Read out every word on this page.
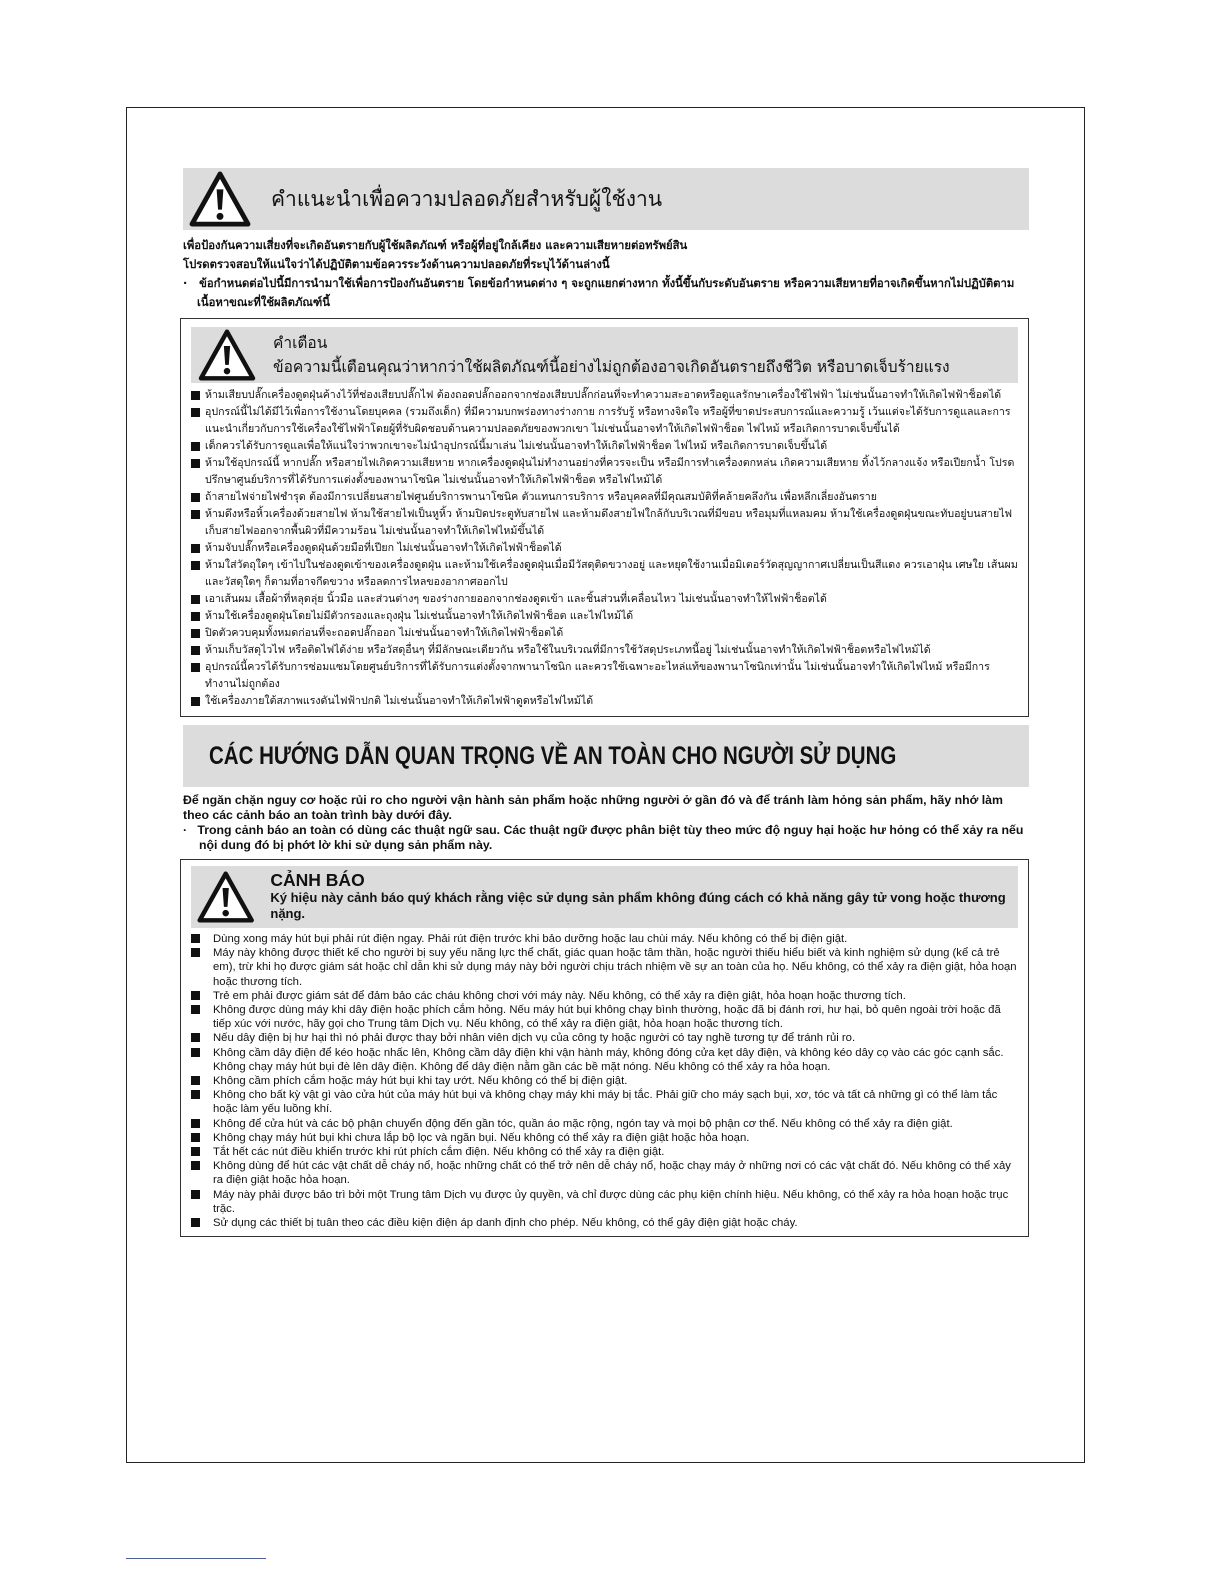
คำแนะนำเพื่อความปลอดภัยสำหรับผู้ใช้งาน
เพื่อป้องกันความเสี่ยงที่จะเกิดอันตรายกับผู้ใช้ผลิตภัณฑ์ หรือผู้ที่อยู่ใกล้เคียง และความเสียหายต่อทรัพย์สิน
โปรดตรวจสอบให้แน่ใจว่าได้ปฏิบัติตามข้อควรระวังด้านความปลอดภัยที่ระบุไว้ด้านล่างนี้
·   ข้อกำหนดต่อไปนี้มีการนำมาใช้เพื่อการป้องกันอันตราย โดยข้อกำหนดต่าง ๆ จะถูกแยกต่างหาก ทั้งนี้ขึ้นกับระดับอันตราย หรือความเสียหายที่อาจเกิดขึ้นหากไม่ปฏิบัติตามเนื้อหาขณะที่ใช้ผลิตภัณฑ์นี้
คำเตือน
ข้อความนี้เตือนคุณว่าหากว่าใช้ผลิตภัณฑ์นี้อย่างไม่ถูกต้องอาจเกิดอันตรายถึงชีวิต หรือบาดเจ็บร้ายแรง
ห้ามเสียบปลั๊กเครื่องดูดฝุ่นค้างไว้ที่ช่องเสียบปลั๊กไฟ ต้องถอดปลั๊กออกจากช่องเสียบปลั๊กก่อนที่จะทำความสะอาดหรือดูแลรักษาเครื่องใช้ไฟฟ้า ไม่เช่นนั้นอาจทำให้เกิดไฟฟ้าช็อตได้
อุปกรณ์นี้ไม่ได้มีไว้เพื่อการใช้งานโดยบุคคล (รวมถึงเด็ก) ที่มีความบกพร่องทางร่างกาย การรับรู้ หรือทางจิตใจ หรือผู้ที่ขาดประสบการณ์และความรู้ เว้นแต่จะได้รับการดูแลและการแนะนำเกี่ยวกับการใช้เครื่องใช้ไฟฟ้าโดยผู้ที่รับผิดชอบด้านความปลอดภัยของพวกเขา ไม่เช่นนั้นอาจทำให้เกิดไฟฟ้าช็อต ไฟไหม้ หรือเกิดการบาดเจ็บขึ้นได้
เด็กควรได้รับการดูแลเพื่อให้แน่ใจว่าพวกเขาจะไม่นำอุปกรณ์นี้มาเล่น ไม่เช่นนั้นอาจทำให้เกิดไฟฟ้าช็อต ไฟไหม้ หรือเกิดการบาดเจ็บขึ้นได้
ห้ามใช้อุปกรณ์นี้ หากปลั๊ก หรือสายไฟเกิดความเสียหาย หากเครื่องดูดฝุ่นไม่ทำงานอย่างที่ควรจะเป็น หรือมีการทำเครื่องตกหล่น เกิดความเสียหาย ทิ้งไว้กลางแจ้ง หรือเปียกน้ำ โปรดปรึกษาศูนย์บริการที่ได้รับการแต่งตั้งของพานาโซนิค ไม่เช่นนั้นอาจทำให้เกิดไฟฟ้าช็อต หรือไฟไหม้ได้
ถ้าสายไฟจ่ายไฟชำรุด ต้องมีการเปลี่ยนสายไฟศูนย์บริการพานาโซนิค ตัวแทนการบริการ หรือบุคคลที่มีคุณสมบัติที่คล้ายคลึงกัน เพื่อหลีกเลี่ยงอันตราย
ห้ามดึงหรือหิ้วเครื่องด้วยสายไฟ ห้ามใช้สายไฟเป็นหูหิ้ว ห้ามปิดประตูทับสายไฟ และห้ามดึงสายไฟใกล้กับบริเวณที่มีขอบ หรือมุมที่แหลมคม ห้ามใช้เครื่องดูดฝุ่นขณะทับอยู่บนสายไฟ เก็บสายไฟออกจากพื้นผิวที่มีความร้อน ไม่เช่นนั้นอาจทำให้เกิดไฟไหม้ขึ้นได้
ห้ามจับปลั๊กหรือเครื่องดูดฝุ่นด้วยมือที่เปียก ไม่เช่นนั้นอาจทำให้เกิดไฟฟ้าช็อตได้
ห้ามใส่วัตถุใดๆ เข้าไปในช่องดูดเข้าของเครื่องดูดฝุ่น และห้ามใช้เครื่องดูดฝุ่นเมื่อมีวัสดุติดขวางอยู่ และหยุดใช้งานเมื่อมิเตอร์วัดสุญญากาศเปลี่ยนเป็นสีแดง ควรเอาฝุ่น เศษใย เส้นผม และวัสดุใดๆ ก็ตามที่อาจกีดขวาง หรือลดการไหลของอากาศออกไป
เอาเส้นผม เสื้อผ้าที่หลุดลุ่ย นิ้วมือ และส่วนต่างๆ ของร่างกายออกจากช่องดูดเข้า และชิ้นส่วนที่เคลื่อนไหว ไม่เช่นนั้นอาจทำให้ไฟฟ้าช็อตได้
ห้ามใช้เครื่องดูดฝุ่นโดยไม่มีตัวกรองและถุงฝุ่น ไม่เช่นนั้นอาจทำให้เกิดไฟฟ้าช็อต และไฟไหม้ได้
ปิดตัวควบคุมทั้งหมดก่อนที่จะถอดปลั๊กออก ไม่เช่นนั้นอาจทำให้เกิดไฟฟ้าช็อตได้
ห้ามเก็บวัสดุไวไฟ หรือติดไฟได้ง่าย หรือวัสดุอื่นๆ ที่มีลักษณะเดียวกัน หรือใช้ในบริเวณที่มีการใช้วัสดุประเภทนี้อยู่ ไม่เช่นนั้นอาจทำให้เกิดไฟฟ้าช็อตหรือไฟไหม้ได้
อุปกรณ์นี้ควรได้รับการซ่อมแซมโดยศูนย์บริการที่ได้รับการแต่งตั้งจากพานาโซนิก และควรใช้เฉพาะอะไหล่แท้ของพานาโซนิกเท่านั้น ไม่เช่นนั้นอาจทำให้เกิดไฟไหม้ หรือมีการทำงานไม่ถูกต้อง
ใช้เครื่องภายใต้สภาพแรงดันไฟฟ้าปกติ ไม่เช่นนั้นอาจทำให้เกิดไฟฟ้าดูดหรือไฟไหม้ได้
CÁC HƯỚNG DẪN QUAN TRỌNG VỀ AN TOÀN CHO NGƯỜI SỬ DỤNG
Để ngăn chặn nguy cơ hoặc rủi ro cho người vận hành sản phẩm hoặc những người ở gần đó và để tránh làm hỏng sản phẩm, hãy nhớ làm theo các cảnh báo an toàn trình bày dưới đây.
·   Trong cảnh báo an toàn có dùng các thuật ngữ sau. Các thuật ngữ được phân biệt tùy theo mức độ nguy hại hoặc hư hỏng có thể xảy ra nếu nội dung đó bị phớt lờ khi sử dụng sản phẩm này.
CẢNH BÁO
Ký hiệu này cảnh báo quý khách rằng việc sử dụng sản phẩm không đúng cách có khả năng gây tử vong hoặc thương nặng.
Dùng xong máy hút bụi phải rút điện ngay. Phải rút điện trước khi bảo dưỡng hoặc lau chùi máy. Nếu không có thể bị điện giật.
Máy này không được thiết kế cho người bị suy yếu năng lực thể chất, giác quan hoặc tâm thần, hoặc người thiếu hiểu biết và kinh nghiệm sử dụng (kể cả trẻ em), trừ khi họ được giám sát hoặc chỉ dẫn khi sử dụng máy này bởi người chịu trách nhiệm về sự an toàn của họ. Nếu không, có thể xảy ra điện giật, hỏa hoạn hoặc thương tích.
Trẻ em phải được giám sát để đảm bảo các cháu không chơi với máy này. Nếu không, có thể xảy ra điện giật, hỏa hoạn hoặc thương tích.
Không được dùng máy khi dây điện hoặc phích cắm hỏng. Nếu máy hút bụi không chạy bình thường, hoặc đã bị đánh rơi, hư hại, bỏ quên ngoài trời hoặc đã tiếp xúc với nước, hãy gọi cho Trung tâm Dịch vụ. Nếu không, có thể xảy ra điện giật, hỏa hoạn hoặc thương tích.
Nếu dây điện bị hư hại thì nó phải được thay bởi nhân viên dịch vụ của công ty hoặc người có tay nghề tương tự để tránh rủi ro.
Không cầm dây điện để kéo hoặc nhấc lên, Không cầm dây điện khi vận hành máy, không đóng cửa kẹt dây điện, và không kéo dây cọ vào các góc cạnh sắc. Không chạy máy hút bụi đè lên dây điện. Không để dây điện nằm gần các bề mặt nóng. Nếu không có thể xảy ra hỏa hoạn.
Không cầm phích cắm hoặc máy hút bụi khi tay ướt. Nếu không có thể bị điện giật.
Không cho bất kỳ vật gì vào cửa hút của máy hút bụi và không chạy máy khi máy bị tắc. Phải giữ cho máy sạch bụi, xơ, tóc và tất cả những gì có thể làm tắc hoặc làm yếu luồng khí.
Không để cửa hút và các bộ phận chuyển động đến gần tóc, quần áo mặc rộng, ngón tay và mọi bộ phận cơ thể. Nếu không có thể xảy ra điện giật.
Không chạy máy hút bụi khi chưa lắp bộ lọc và ngăn bụi. Nếu không có thể xảy ra điện giật hoặc hỏa hoạn.
Tắt hết các nút điều khiển trước khi rút phích cắm điện. Nếu không có thể xảy ra điện giật.
Không dùng để hút các vật chất dễ cháy nổ, hoặc những chất có thể trở nên dễ cháy nổ, hoặc chạy máy ở những nơi có các vật chất đó. Nếu không có thể xảy ra điện giật hoặc hỏa hoạn.
Máy này phải được bảo trì bởi một Trung tâm Dịch vụ được ủy quyền, và chỉ được dùng các phụ kiện chính hiệu. Nếu không, có thể xảy ra hỏa hoạn hoặc trục trặc.
Sử dụng các thiết bị tuân theo các điều kiện điện áp danh định cho phép. Nếu không, có thể gây điện giật hoặc cháy.
